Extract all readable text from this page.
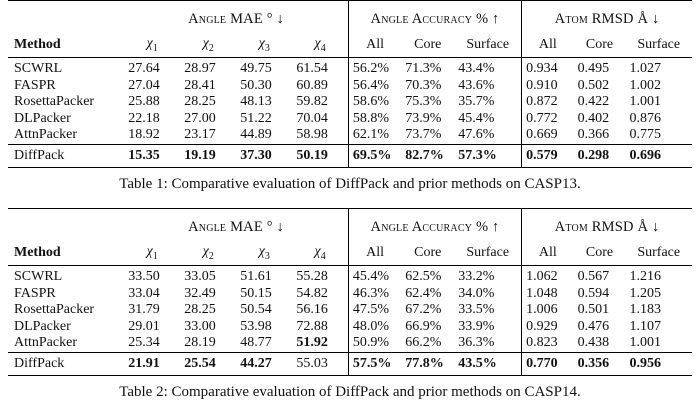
	Angle MAE ° ↓				Angle Accuracy % ↑			Atom RMSD Å ↓		
Method	$\chi_1$	$\chi_2$	$\chi_3$	$\chi_4$	All	Core	Surface	All	Core	Surface
SCWRL	27.64	28.97	49.75	61.54	56.2%	71.3%	43.4%	0.934	0.495	1.027
FASPR	27.04	28.41	50.30	60.89	56.4%	70.3%	43.6%	0.910	0.502	1.002
RosettaPacker	25.88	28.25	48.13	59.82	58.6%	75.3%	35.7%	0.872	0.422	1.001
DLPacker	22.18	27.00	51.22	70.04	58.8%	73.9%	45.4%	0.772	0.402	0.876
AttnPacker	18.92	23.17	44.89	58.98	62.1%	73.7%	47.6%	0.669	0.366	0.775
DiffPack	15.35	19.19	37.30	50.19	69.5%	82.7%	57.3%	0.579	0.298	0.696
Table 1: Comparative evaluation of DiffPack and prior methods on CASP13.
	Angle MAE ° ↓				Angle Accuracy % ↑			Atom RMSD Å ↓		
Method	$\chi_1$	$\chi_2$	$\chi_3$	$\chi_4$	All	Core	Surface	All	Core	Surface
SCWRL	33.50	33.05	51.61	55.28	45.4%	62.5%	33.2%	1.062	0.567	1.216
FASPR	33.04	32.49	50.15	54.82	46.3%	62.4%	34.0%	1.048	0.594	1.205
RosettaPacker	31.79	28.25	50.54	56.16	47.5%	67.2%	33.5%	1.006	0.501	1.183
DLPacker	29.01	33.00	53.98	72.88	48.0%	66.9%	33.9%	0.929	0.476	1.107
AttnPacker	25.34	28.19	48.77	51.92	50.9%	66.2%	36.3%	0.823	0.438	1.001
DiffPack	21.91	25.54	44.27	55.03	57.5%	77.8%	43.5%	0.770	0.356	0.956
Table 2: Comparative evaluation of DiffPack and prior methods on CASP14.
